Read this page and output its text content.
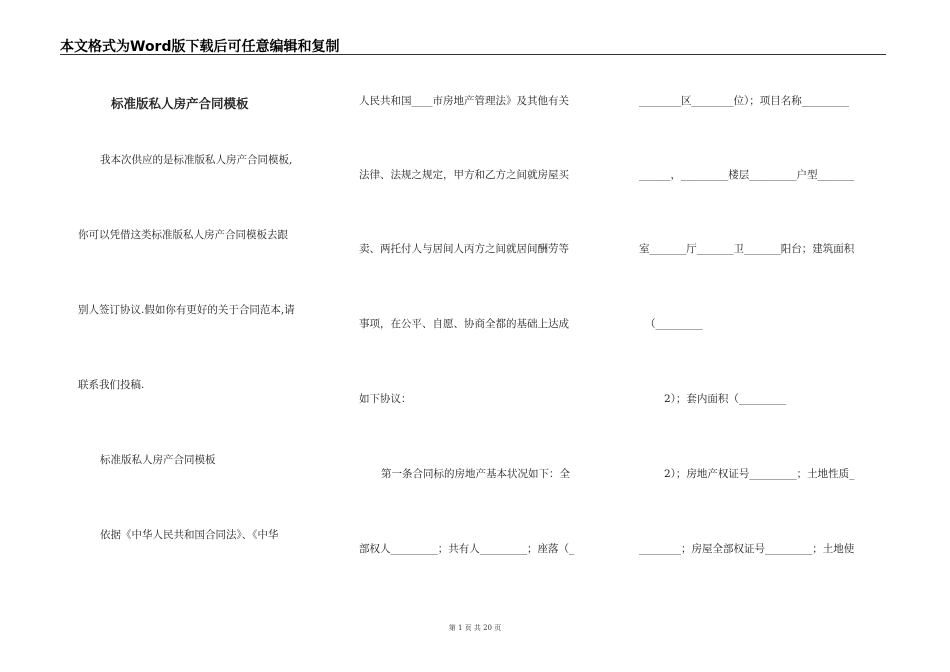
本文格式为Word版下载后可任意编辑和复制
标准版私人房产合同模板
我本次供应的是标准版私人房产合同模板,
你可以凭借这类标准版私人房产合同模板去跟
别人签订协议.假如你有更好的关于合同范本,请
联系我们投稿.
标准版私人房产合同模板
依据《中华人民共和国合同法》、《中华
人民共和国____市房地产管理法》及其他有关
法律、法规之规定，甲方和乙方之间就房屋买
卖、两托付人与居间人丙方之间就居间酬劳等
事项，在公平、自愿、协商全都的基础上达成
如下协议：
第一条合同标的房地产基本状况如下：全
部权人_________；共有人_________；座落（_
________区________位）；项目名称_________
______，_________楼层_________户型_______
室_______厅_______卫_______阳台；建筑面积
（_________
2）；套内面积（_________
2）；房地产权证号_________；土地性质_
________；房屋全部权证号_________；土地使
第 1 页 共 20 页
